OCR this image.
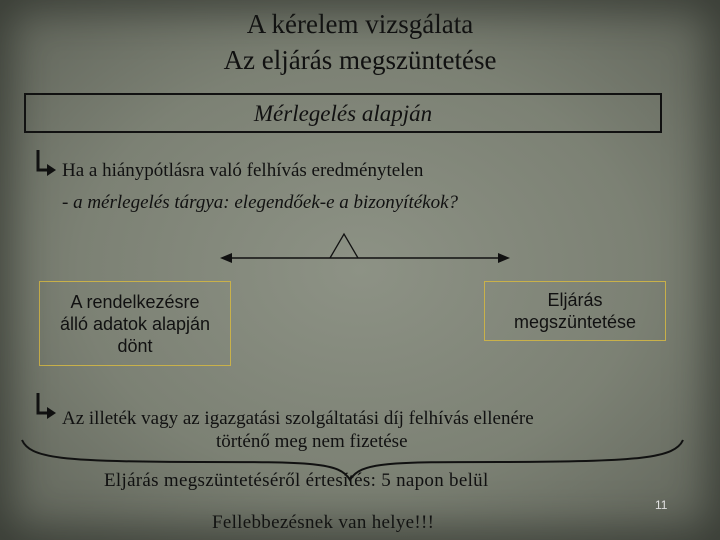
A kérelem vizsgálata
Az eljárás megszüntetése
Mérlegelés alapján
Ha a hiánypótlásra való felhívás eredménytelen
- a mérlegelés tárgya: elegendőek-e a bizonyítékok?
A rendelkezésre
álló adatok alapján
dönt
Eljárás
megszüntetése
Az illeték vagy az igazgatási szolgáltatási díj felhívás ellenére
történő meg nem fizetése
Eljárás megszüntetéséről értesítés: 5 napon belül
Fellebbezésnek van helye!!!
11
